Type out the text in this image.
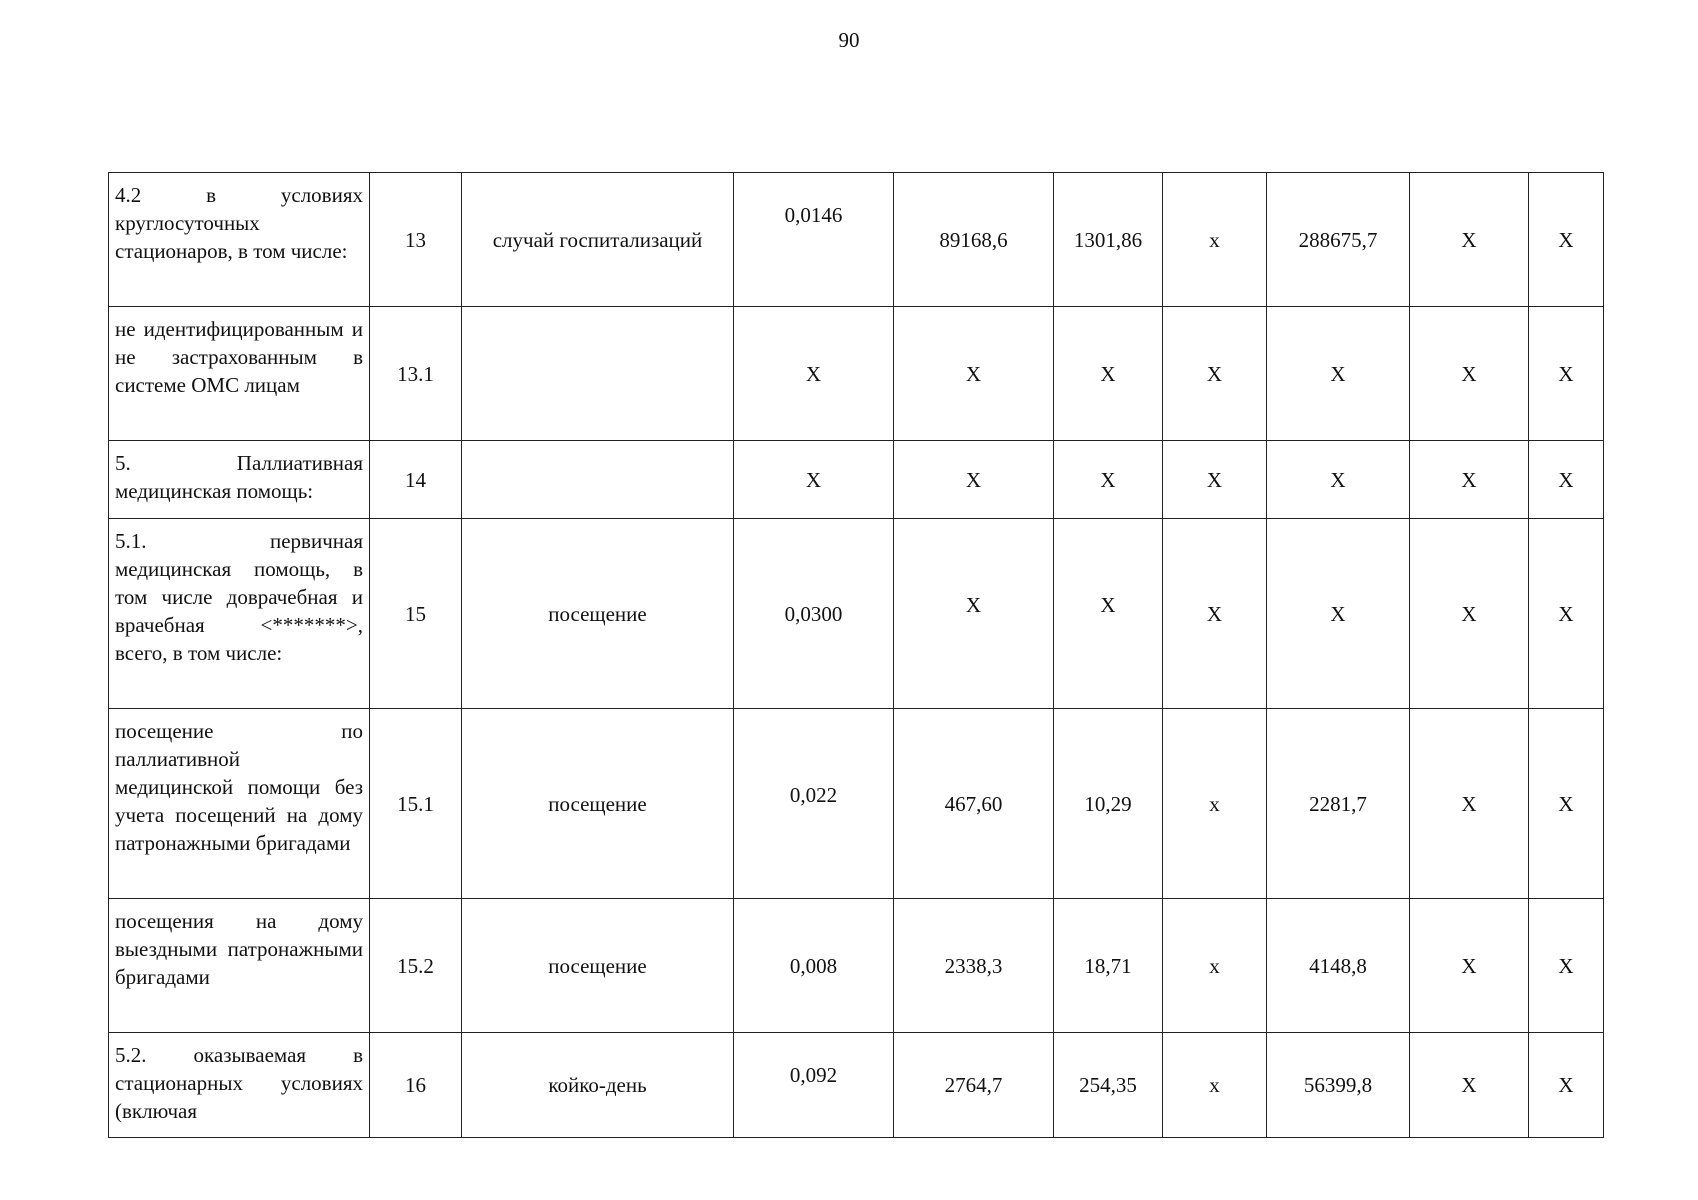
90
4.2 в условиях круглосуточных стационаров, в том числе:	13	случай госпитализаций	0,0146	89168,6	1301,86	х	288675,7	Х	Х
не идентифицированным и не застрахованным в системе ОМС лицам	13.1		Х	Х	Х	Х	Х	Х	Х
5. Паллиативная медицинская помощь:	14		Х	Х	Х	Х	Х	Х	Х
5.1. первичная медицинская помощь, в том числе доврачебная и врачебная <*******>, всего, в том числе:	15	посещение	0,0300	Х	Х	Х	Х	Х	Х
посещение по паллиативной медицинской помощи без учета посещений на дому патронажными бригадами	15.1	посещение	0,022	467,60	10,29	х	2281,7	Х	Х
посещения на дому выездными патронажными бригадами	15.2	посещение	0,008	2338,3	18,71	х	4148,8	Х	Х
5.2. оказываемая в стационарных условиях (включая	16	койко-день	0,092	2764,7	254,35	х	56399,8	Х	Х
